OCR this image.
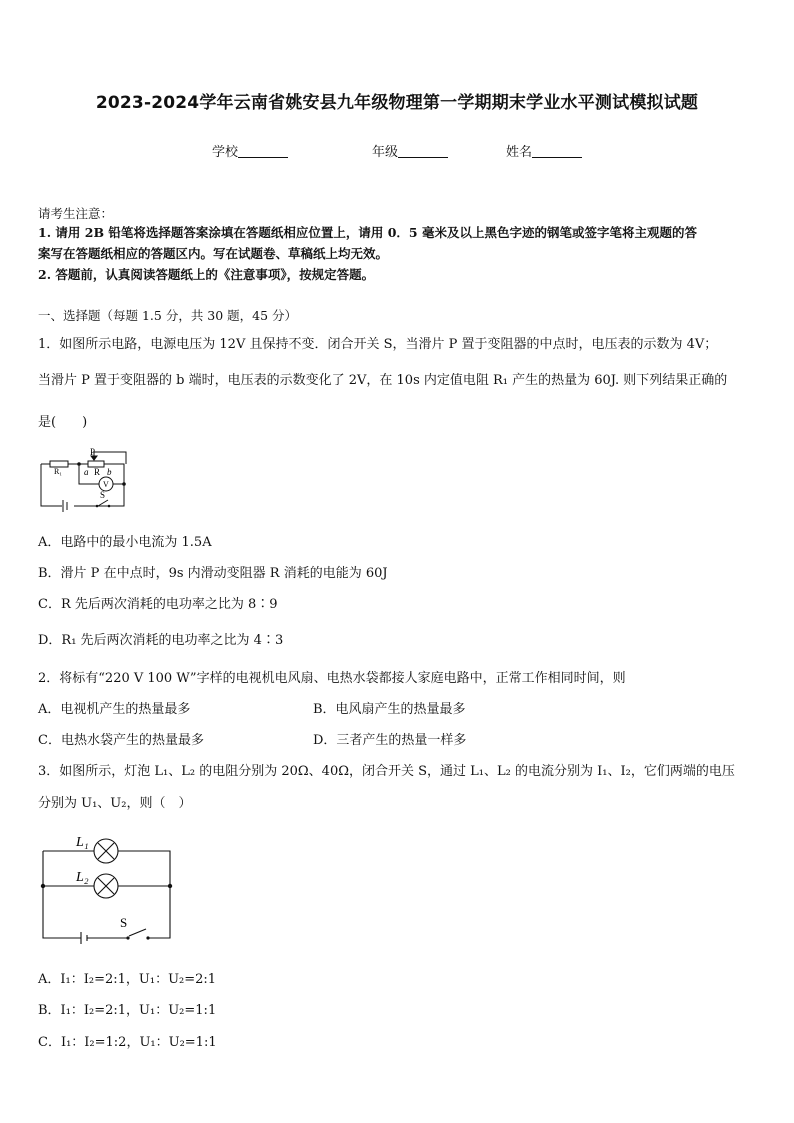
2023-2024学年云南省姚安县九年级物理第一学期期末学业水平测试模拟试题
学校	年级	姓名
请考生注意：
1. 请用 2B 铅笔将选择题答案涂填在答题纸相应位置上，请用 0．5 毫米及以上黑色字迹的钢笔或签字笔将主观题的答
案写在答题纸相应的答题区内。写在试题卷、草稿纸上均无效。
2. 答题前，认真阅读答题纸上的《注意事项》，按规定答题。
一、选择题（每题 1.5 分，共 30 题，45 分）
1．如图所示电路，电源电压为 12V 且保持不变．闭合开关 S，当滑片 P 置于变阻器的中点时，电压表的示数为 4V；
当滑片 P 置于变阻器的 b 端时，电压表的示数变化了 2V，在 10s 内定值电阻 R₁ 产生的热量为 60J. 则下列结果正确的
是(　　)
P
R₁ a R b
V
S
A．电路中的最小电流为 1.5A
B．滑片 P 在中点时，9s 内滑动变阻器 R 消耗的电能为 60J
C．R 先后两次消耗的电功率之比为 8∶9
D．R₁ 先后两次消耗的电功率之比为 4∶3
2．将标有“220 V 100 W”字样的电视机电风扇、电热水袋都接人家庭电路中，正常工作相同时间，则
A．电视机产生的热量最多	B．电风扇产生的热量最多
C．电热水袋产生的热量最多	D．三者产生的热量一样多
3．如图所示，灯泡 L₁、L₂ 的电阻分别为 20Ω、40Ω，闭合开关 S，通过 L₁、L₂ 的电流分别为 I₁、I₂，它们两端的电压
分别为 U₁、U₂，则（　）
L₁
L₂
S
A．I₁：I₂=2:1，U₁：U₂=2:1
B．I₁：I₂=2:1，U₁：U₂=1:1
C．I₁：I₂=1:2，U₁：U₂=1:1
